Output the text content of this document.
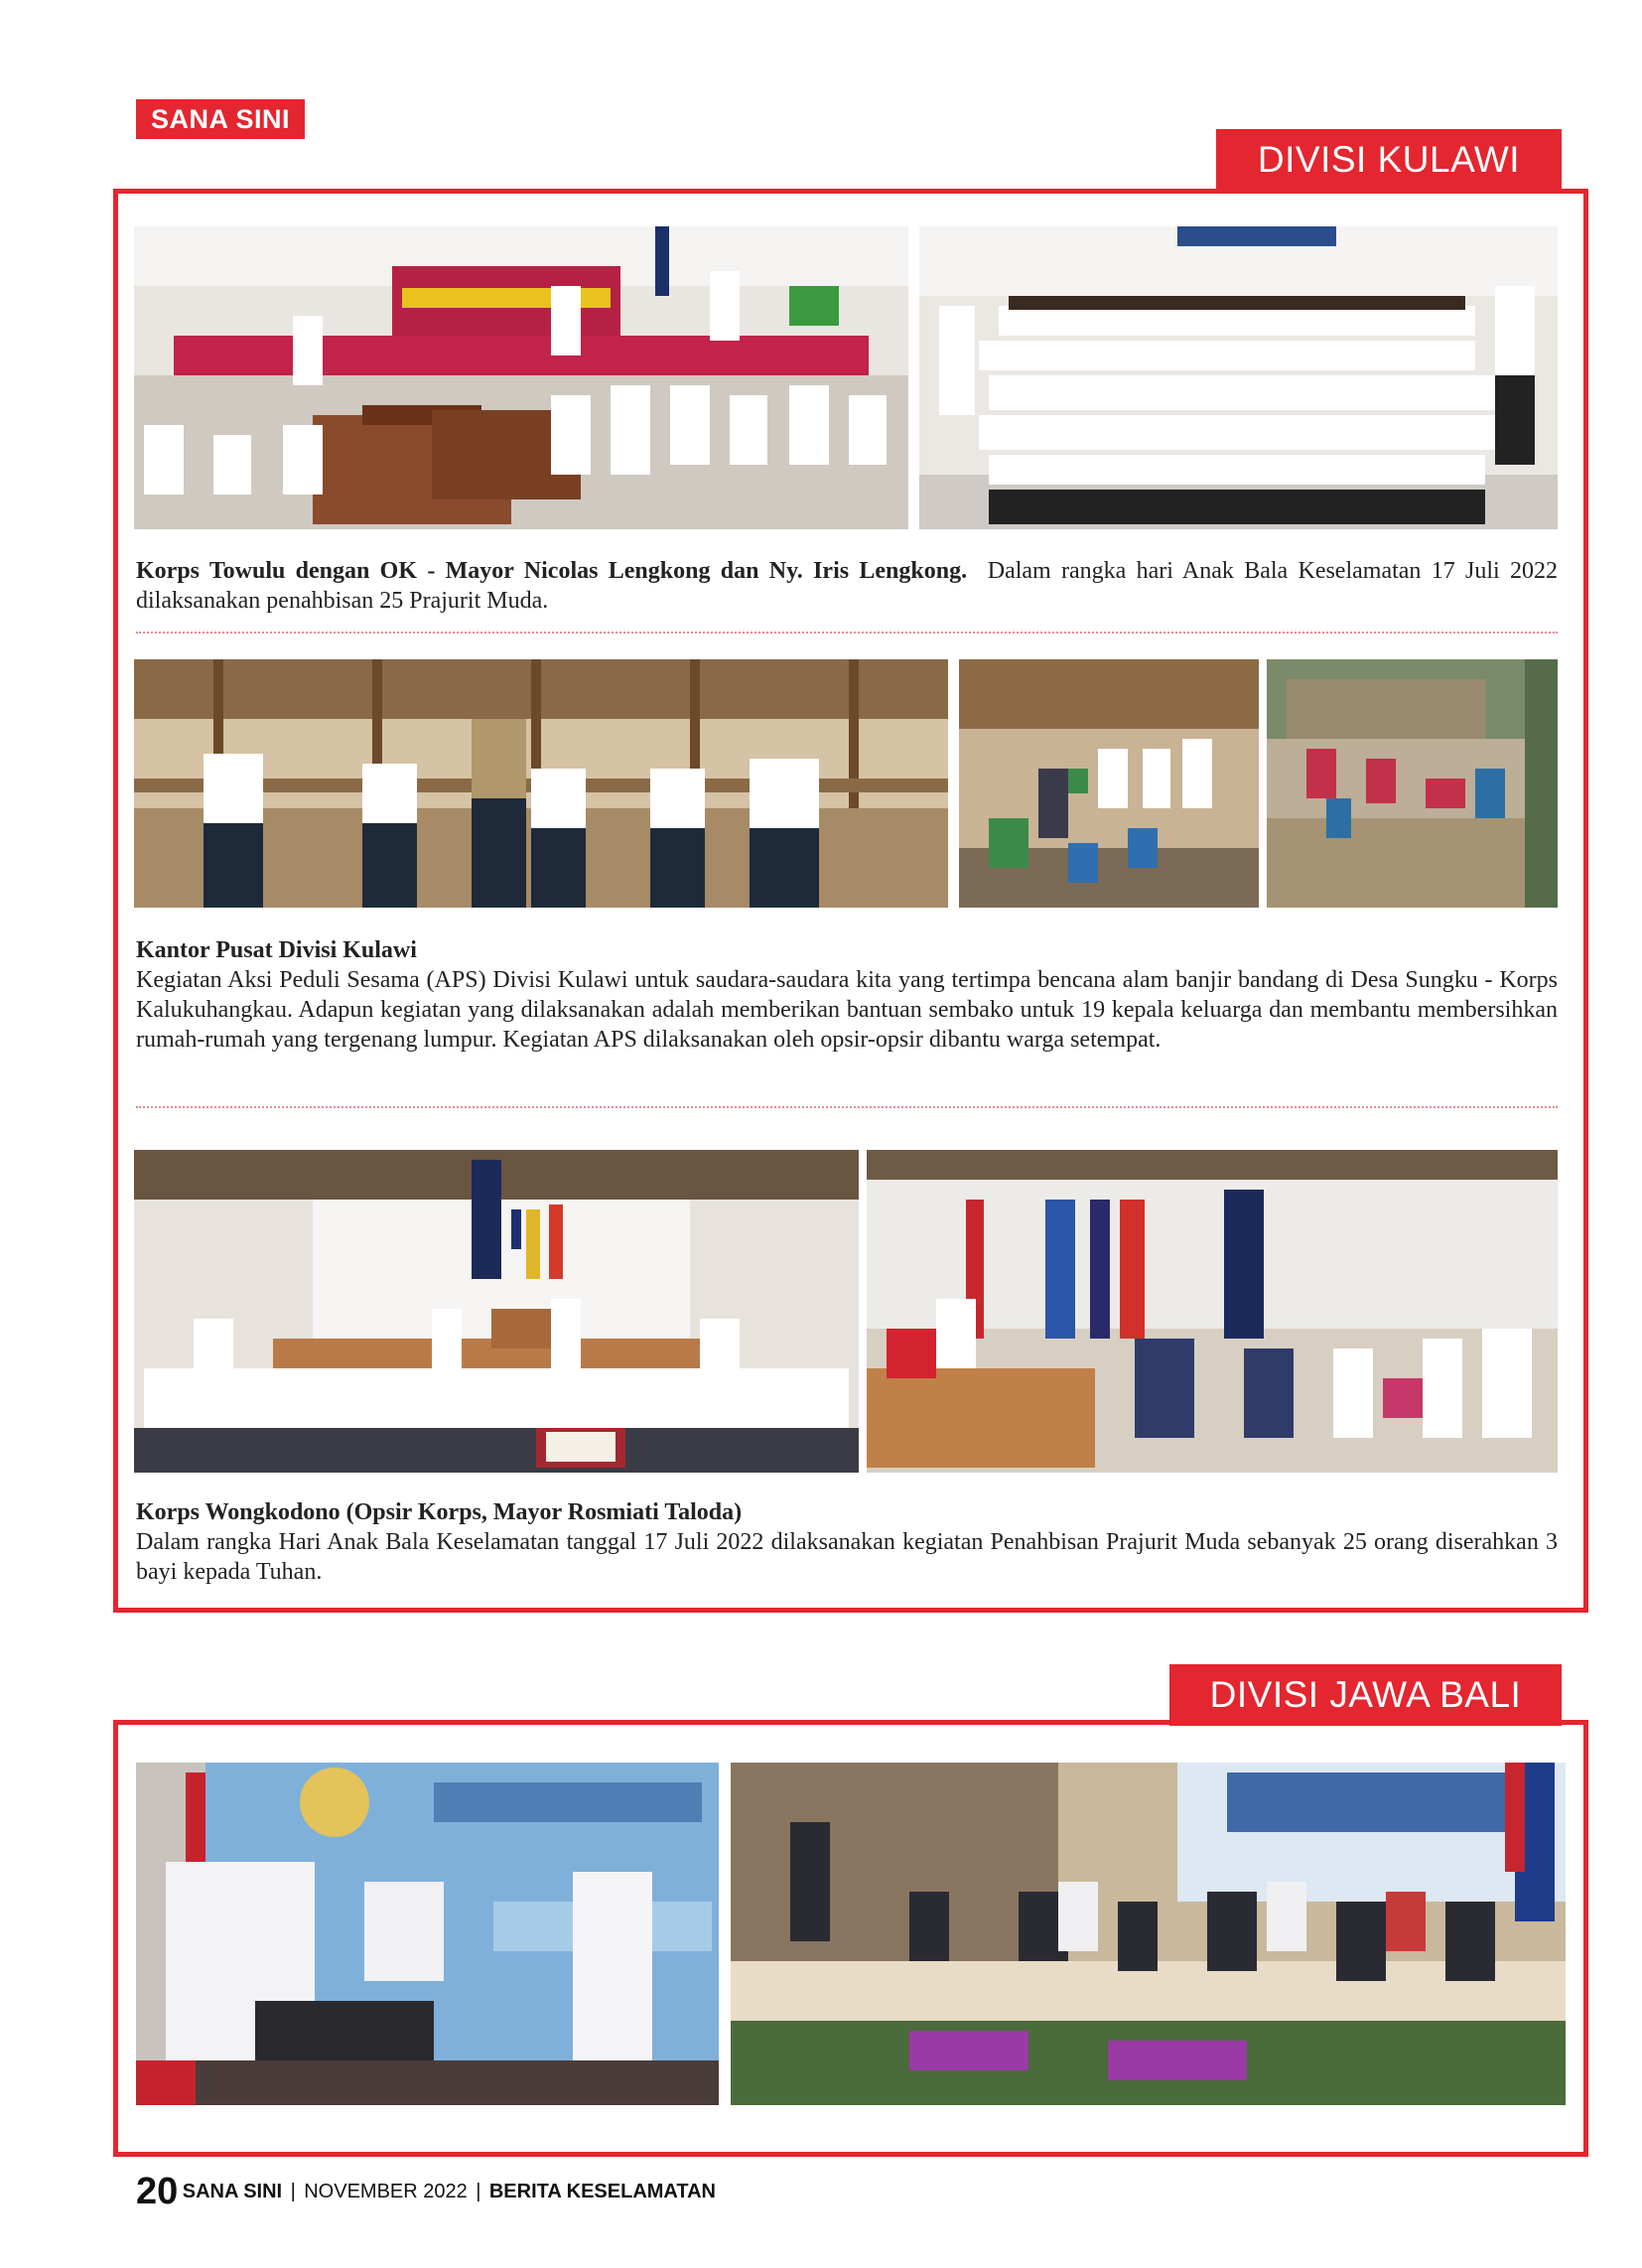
SANA SINI
DIVISI KULAWI
Korps Towulu dengan OK - Mayor Nicolas Lengkong dan Ny. Iris Lengkong. Dalam rangka hari Anak Bala Keselamatan 17 Juli 2022 dilaksanakan penahbisan 25 Prajurit Muda.
Kantor Pusat Divisi Kulawi
Kegiatan Aksi Peduli Sesama (APS) Divisi Kulawi untuk saudara-saudara kita yang tertimpa bencana alam banjir bandang di Desa Sungku - Korps Kalukuhangkau. Adapun kegiatan yang dilaksanakan adalah memberikan bantuan sembako untuk 19 kepala keluarga dan membantu membersihkan rumah-rumah yang tergenang lumpur. Kegiatan APS dilaksanakan oleh opsir-opsir dibantu warga setempat.
Korps Wongkodono (Opsir Korps, Mayor Rosmiati Taloda)
Dalam rangka Hari Anak Bala Keselamatan tanggal 17 Juli 2022 dilaksanakan kegiatan Penahbisan Prajurit Muda sebanyak 25 orang diserahkan 3 bayi kepada Tuhan.
DIVISI JAWA BALI
20 SANA SINI | NOVEMBER 2022 | BERITA KESELAMATAN
